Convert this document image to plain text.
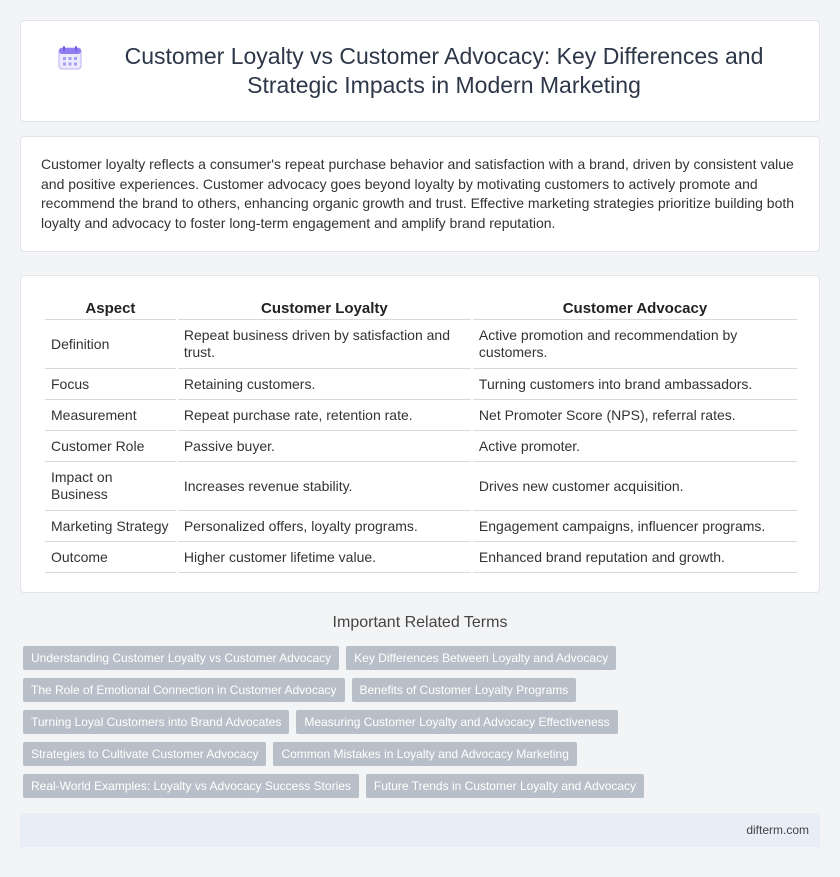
Customer Loyalty vs Customer Advocacy: Key Differences and Strategic Impacts in Modern Marketing

Customer loyalty reflects a consumer's repeat purchase behavior and satisfaction with a brand, driven by consistent value and positive experiences. Customer advocacy goes beyond loyalty by motivating customers to actively promote and recommend the brand to others, enhancing organic growth and trust. Effective marketing strategies prioritize building both loyalty and advocacy to foster long-term engagement and amplify brand reputation.

Aspect	Customer Loyalty	Customer Advocacy
Definition	Repeat business driven by satisfaction and trust.	Active promotion and recommendation by customers.
Focus	Retaining customers.	Turning customers into brand ambassadors.
Measurement	Repeat purchase rate, retention rate.	Net Promoter Score (NPS), referral rates.
Customer Role	Passive buyer.	Active promoter.
Impact on Business	Increases revenue stability.	Drives new customer acquisition.
Marketing Strategy	Personalized offers, loyalty programs.	Engagement campaigns, influencer programs.
Outcome	Higher customer lifetime value.	Enhanced brand reputation and growth.
Important Related Terms
Understanding Customer Loyalty vs Customer Advocacy	Key Differences Between Loyalty and Advocacy
The Role of Emotional Connection in Customer Advocacy	Benefits of Customer Loyalty Programs
Turning Loyal Customers into Brand Advocates	Measuring Customer Loyalty and Advocacy Effectiveness
Strategies to Cultivate Customer Advocacy	Common Mistakes in Loyalty and Advocacy Marketing
Real-World Examples: Loyalty vs Advocacy Success Stories	Future Trends in Customer Loyalty and Advocacy
difterm.com
